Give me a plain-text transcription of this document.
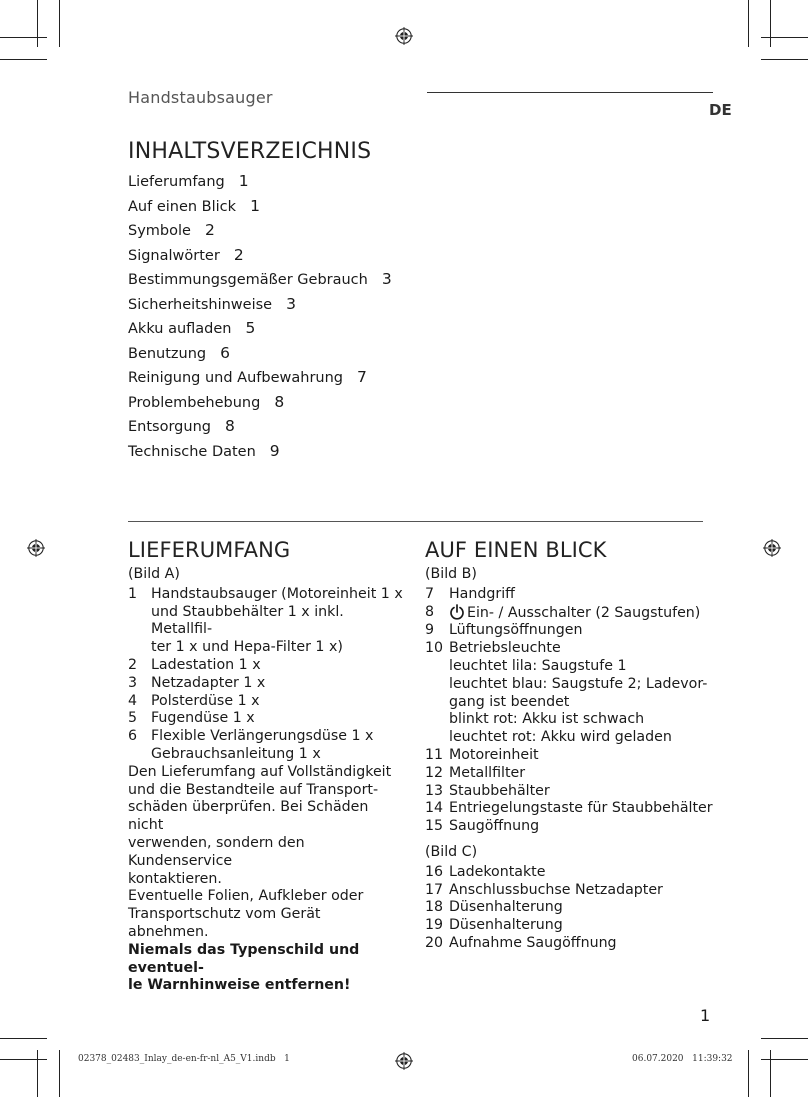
Handstaubsauger
DE
INHALTSVERZEICHNIS
Lieferumfang 1
Auf einen Blick 1
Symbole 2
Signalwörter 2
Bestimmungsgemäßer Gebrauch 3
Sicherheitshinweise 3
Akku aufladen 5
Benutzung 6
Reinigung und Aufbewahrung 7
Problembehebung 8
Entsorgung 8
Technische Daten 9
LIEFERUMFANG

(Bild A)

1 Handstaubsauger (Motoreinheit 1 x
und Staubbehälter 1 x inkl. Metallfil-
ter 1 x und Hepa-Filter 1 x)
2 Ladestation 1 x
3 Netzadapter 1 x
4 Polsterdüse 1 x
5 Fugendüse 1 x
6 Flexible Verlängerungsdüse 1 x
Gebrauchsanleitung 1 x

Den Lieferumfang auf Vollständigkeit
und die Bestandteile auf Transport-
schäden überprüfen. Bei Schäden nicht
verwenden, sondern den Kundenservice
kontaktieren.

Eventuelle Folien, Aufkleber oder
Transportschutz vom Gerät abnehmen.

Niemals das Typenschild und eventuel-
le Warnhinweise entfernen!

AUF EINEN BLICK

(Bild B)

7	Handgriff
8	Ein- / Ausschalter (2 Saugstufen)
9	Lüftungsöffnungen
10 Betriebsleuchte
leuchtet lila: Saugstufe 1
leuchtet blau: Saugstufe 2; Ladevor-
gang ist beendet
blinkt rot: Akku ist schwach
leuchtet rot: Akku wird geladen
11 Motoreinheit
12 Metallfilter
13 Staubbehälter
14 Entriegelungstaste für Staubbehälter
15 Saugöffnung

(Bild C)

16 Ladekontakte
17 Anschlussbuchse Netzadapter
18 Düsenhalterung
19 Düsenhalterung
20 Aufnahme Saugöffnung
1
02378_02483_Inlay_de-en-fr-nl_A5_V1.indb   1	06.07.2020   11:39:32
